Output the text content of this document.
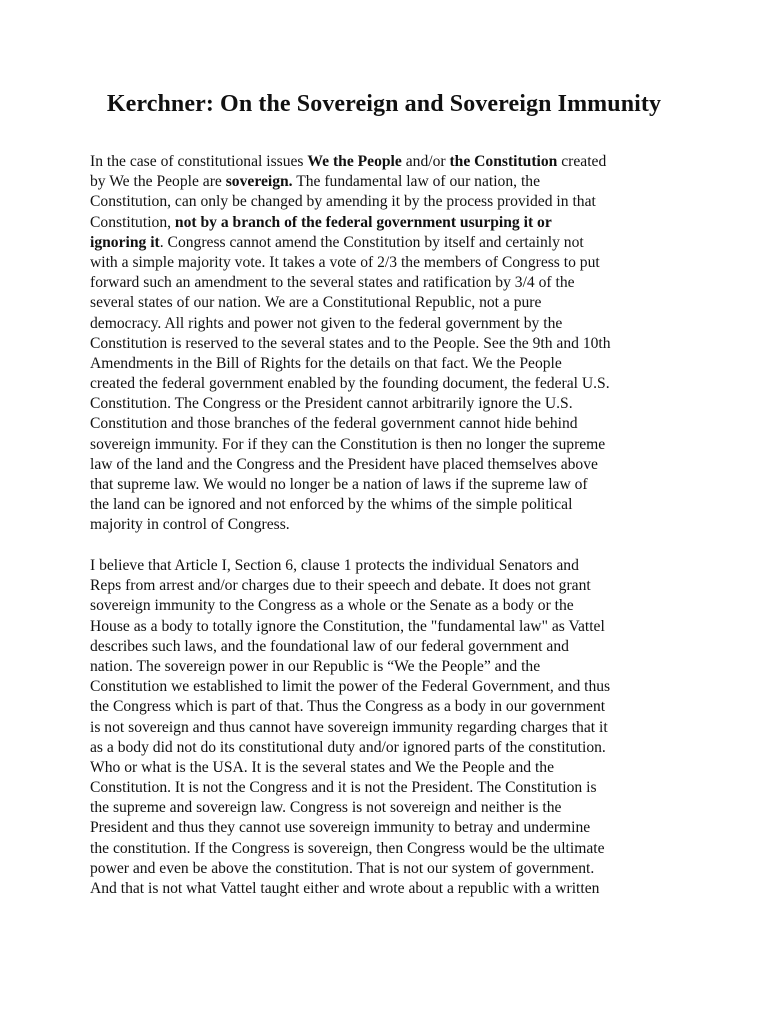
Kerchner: On the Sovereign and Sovereign Immunity
In the case of constitutional issues We the People and/or the Constitution created
by We the People are sovereign. The fundamental law of our nation, the
Constitution, can only be changed by amending it by the process provided in that
Constitution, not by a branch of the federal government usurping it or
ignoring it. Congress cannot amend the Constitution by itself and certainly not
with a simple majority vote. It takes a vote of 2/3 the members of Congress to put
forward such an amendment to the several states and ratification by 3/4 of the
several states of our nation. We are a Constitutional Republic, not a pure
democracy. All rights and power not given to the federal government by the
Constitution is reserved to the several states and to the People. See the 9th and 10th
Amendments in the Bill of Rights for the details on that fact. We the People
created the federal government enabled by the founding document, the federal U.S.
Constitution. The Congress or the President cannot arbitrarily ignore the U.S.
Constitution and those branches of the federal government cannot hide behind
sovereign immunity. For if they can the Constitution is then no longer the supreme
law of the land and the Congress and the President have placed themselves above
that supreme law. We would no longer be a nation of laws if the supreme law of
the land can be ignored and not enforced by the whims of the simple political
majority in control of Congress.
I believe that Article I, Section 6, clause 1 protects the individual Senators and
Reps from arrest and/or charges due to their speech and debate. It does not grant
sovereign immunity to the Congress as a whole or the Senate as a body or the
House as a body to totally ignore the Constitution, the "fundamental law" as Vattel
describes such laws, and the foundational law of our federal government and
nation. The sovereign power in our Republic is “We the People” and the
Constitution we established to limit the power of the Federal Government, and thus
the Congress which is part of that. Thus the Congress as a body in our government
is not sovereign and thus cannot have sovereign immunity regarding charges that it
as a body did not do its constitutional duty and/or ignored parts of the constitution.
Who or what is the USA. It is the several states and We the People and the
Constitution. It is not the Congress and it is not the President. The Constitution is
the supreme and sovereign law. Congress is not sovereign and neither is the
President and thus they cannot use sovereign immunity to betray and undermine
the constitution. If the Congress is sovereign, then Congress would be the ultimate
power and even be above the constitution. That is not our system of government.
And that is not what Vattel taught either and wrote about a republic with a written
